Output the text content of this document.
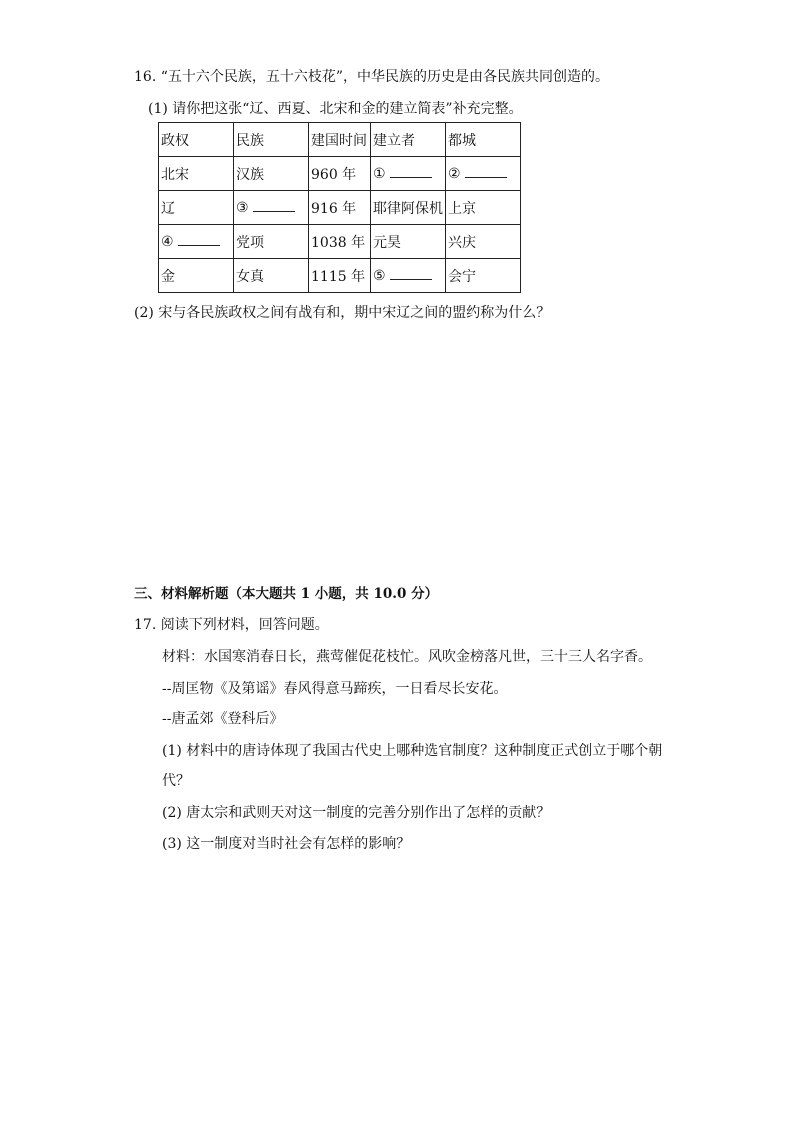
16. “五十六个民族，五十六枝花”，中华民族的历史是由各民族共同创造的。
(1) 请你把这张“辽、西夏、北宋和金的建立简表”补充完整。
政权	民族	建国时间	建立者	都城
北宋	汉族	960 年	①	②
辽	③	916 年	耶律阿保机	上京
④	党项	1038 年	元昊	兴庆
金	女真	1115 年	⑤	会宁
(2) 宋与各民族政权之间有战有和，期中宋辽之间的盟约称为什么？
三、材料解析题（本大题共 1 小题，共 10.0 分）
17. 阅读下列材料，回答问题。
材料：水国寒消春日长，燕莺催促花枝忙。风吹金榜落凡世，三十三人名字香。
--周匡物《及第谣》春风得意马蹄疾，一日看尽长安花。
--唐孟郊《登科后》
(1) 材料中的唐诗体现了我国古代史上哪种选官制度？这种制度正式创立于哪个朝
代？
(2) 唐太宗和武则天对这一制度的完善分别作出了怎样的贡献？
(3) 这一制度对当时社会有怎样的影响？
